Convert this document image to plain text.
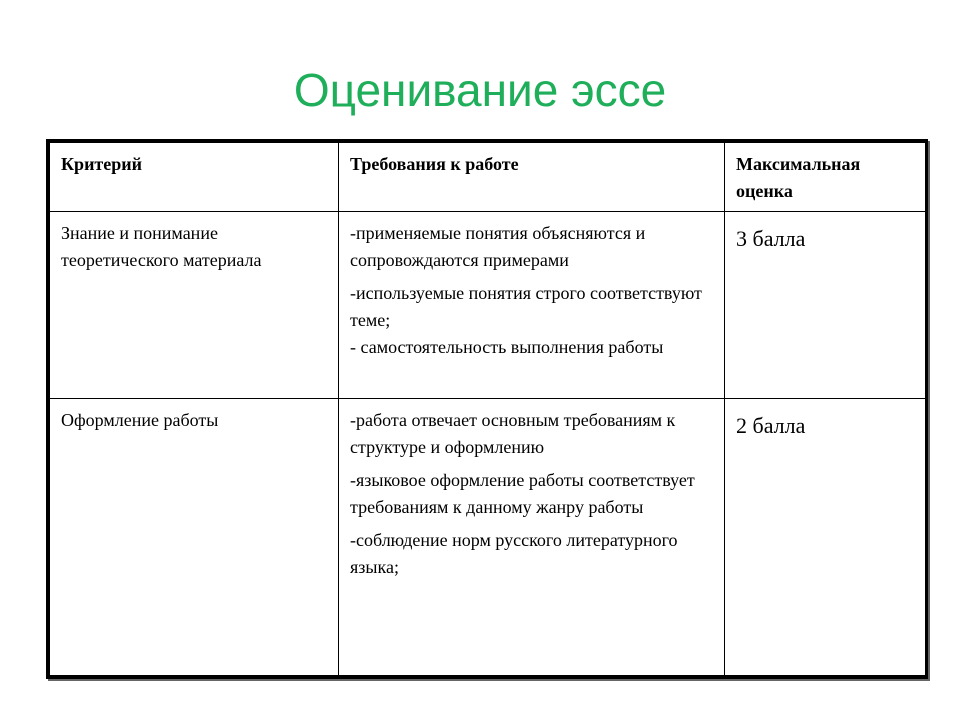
Оценивание эссе
Критерий	Требования к работе	Максимальная оценка
Знание и понимание теоретического материала	-применяемые понятия объясняются и сопровождаются примерами
-используемые понятия строго соответствуют теме;
- самостоятельность выполнения работы	3 балла

Оформление работы	-работа отвечает основным требованиям к структуре и оформлению
-языковое оформление работы соответствует требованиям к данному жанру работы
-соблюдение норм русского литературного языка;	2 балла
